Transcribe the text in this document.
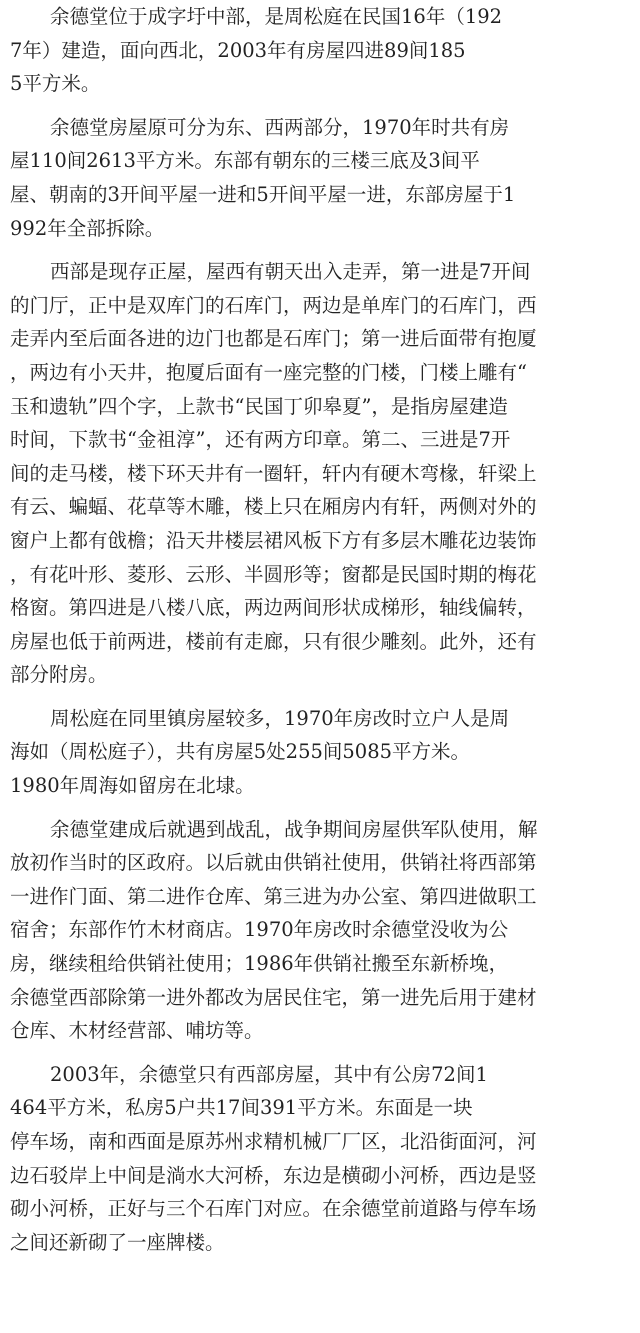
余德堂位于成字圩中部，是周松庭在民国16年（192
7年）建造，面向西北，2003年有房屋四进89间185
5平方米。
余德堂房屋原可分为东、西两部分，1970年时共有房
屋110间2613平方米。东部有朝东的三楼三底及3间平
屋、朝南的3开间平屋一进和5开间平屋一进，东部房屋于1
992年全部拆除。
西部是现存正屋，屋西有朝天出入走弄，第一进是7开间
的门厅，正中是双库门的石库门，两边是单库门的石库门，西
走弄内至后面各进的边门也都是石库门；第一进后面带有抱厦
，两边有小天井，抱厦后面有一座完整的门楼，门楼上雕有“
玉和遗轨”四个字，上款书“民国丁卯皋夏”，是指房屋建造
时间，下款书“金祖淳”，还有两方印章。第二、三进是7开
间的走马楼，楼下环天井有一圈轩，轩内有硬木弯椽，轩梁上
有云、蝙蝠、花草等木雕，楼上只在厢房内有轩，两侧对外的
窗户上都有戗檐；沿天井楼层裙风板下方有多层木雕花边装饰
，有花叶形、菱形、云形、半圆形等；窗都是民国时期的梅花
格窗。第四进是八楼八底，两边两间形状成梯形，轴线偏转，
房屋也低于前两进，楼前有走廊，只有很少雕刻。此外，还有
部分附房。
周松庭在同里镇房屋较多，1970年房改时立户人是周
海如（周松庭子），共有房屋5处255间5085平方米。
1980年周海如留房在北埭。
余德堂建成后就遇到战乱，战争期间房屋供军队使用，解
放初作当时的区政府。以后就由供销社使用，供销社将西部第
一进作门面、第二进作仓库、第三进为办公室、第四进做职工
宿舍；东部作竹木材商店。1970年房改时余德堂没收为公
房，继续租给供销社使用；1986年供销社搬至东新桥堍，
余德堂西部除第一进外都改为居民住宅，第一进先后用于建材
仓库、木材经营部、哺坊等。
2003年，余德堂只有西部房屋，其中有公房72间1
464平方米，私房5户共17间391平方米。东面是一块
停车场，南和西面是原苏州求精机械厂厂区，北沿街面河，河
边石驳岸上中间是淌水大河桥，东边是横砌小河桥，西边是竖
砌小河桥，正好与三个石库门对应。在余德堂前道路与停车场
之间还新砌了一座牌楼。
